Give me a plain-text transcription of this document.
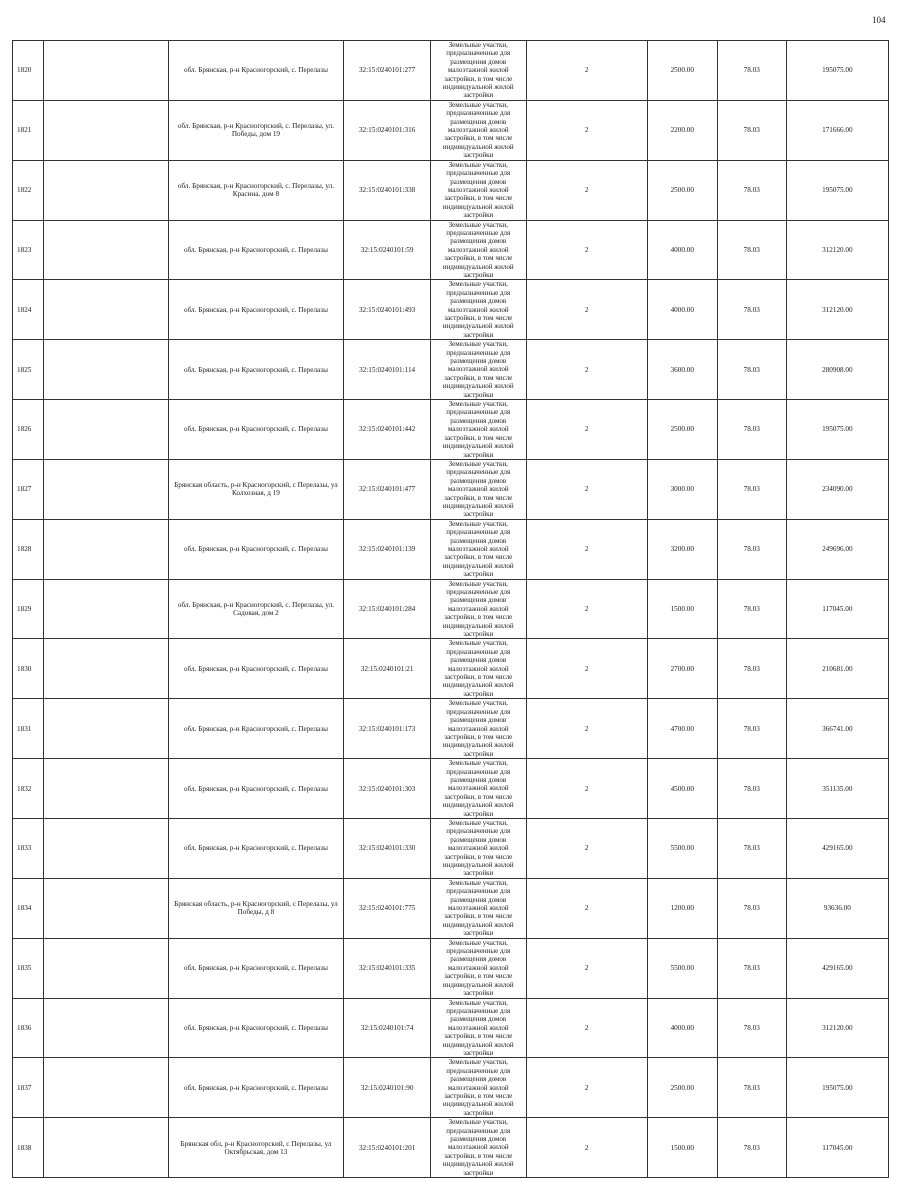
104
1820		обл. Брянская, р-н Красногорский, с. Перелазы	32:15:0240101:277	Земельные участки, предназначенные для размещения домов малоэтажной жилой застройки, в том числе индивидуальной жилой застройки	2	2500.00	78.03	195075.00
1821		обл. Брянская, р-н Красногорский, с. Перелазы, ул. Победы, дом 19	32:15:0240101:316	Земельные участки, предназначенные для размещения домов малоэтажной жилой застройки, в том числе индивидуальной жилой застройки	2	2200.00	78.03	171666.00
1822		обл. Брянская, р-н Красногорский, с. Перелазы, ул. Красина, дом 8	32:15:0240101:338	Земельные участки, предназначенные для размещения домов малоэтажной жилой застройки, в том числе индивидуальной жилой застройки	2	2500.00	78.03	195075.00
1823		обл. Брянская, р-н Красногорский, с. Перелазы	32:15:0240101:59	Земельные участки, предназначенные для размещения домов малоэтажной жилой застройки, в том числе индивидуальной жилой застройки	2	4000.00	78.03	312120.00
1824		обл. Брянская, р-н Красногорский, с. Перелазы	32:15:0240101:493	Земельные участки, предназначенные для размещения домов малоэтажной жилой застройки, в том числе индивидуальной жилой застройки	2	4000.00	78.03	312120.00
1825		обл. Брянская, р-н Красногорский, с. Перелазы	32:15:0240101:114	Земельные участки, предназначенные для размещения домов малоэтажной жилой застройки, в том числе индивидуальной жилой застройки	2	3600.00	78.03	280908.00
1826		обл. Брянская, р-н Красногорский, с. Перелазы	32:15:0240101:442	Земельные участки, предназначенные для размещения домов малоэтажной жилой застройки, в том числе индивидуальной жилой застройки	2	2500.00	78.03	195075.00
1827		Брянская область, р-н Красногорский, с Перелазы, ул Колхозная, д 19	32:15:0240101:477	Земельные участки, предназначенные для размещения домов малоэтажной жилой застройки, в том числе индивидуальной жилой застройки	2	3000.00	78.03	234090.00
1828		обл. Брянская, р-н Красногорский, с. Перелазы	32:15:0240101:139	Земельные участки, предназначенные для размещения домов малоэтажной жилой застройки, в том числе индивидуальной жилой застройки	2	3200.00	78.03	249696.00
1829		обл. Брянская, р-н Красногорский, с. Перелазы, ул. Садовая, дом 2	32:15:0240101:284	Земельные участки, предназначенные для размещения домов малоэтажной жилой застройки, в том числе индивидуальной жилой застройки	2	1500.00	78.03	117045.00
1830		обл. Брянская, р-н Красногорский, с. Перелазы	32:15:0240101:21	Земельные участки, предназначенные для размещения домов малоэтажной жилой застройки, в том числе индивидуальной жилой застройки	2	2700.00	78.03	210681.00
1831		обл. Брянская, р-н Красногорский, с. Перелазы	32:15:0240101:173	Земельные участки, предназначенные для размещения домов малоэтажной жилой застройки, в том числе индивидуальной жилой застройки	2	4700.00	78.03	366741.00
1832		обл. Брянская, р-н Красногорский, с. Перелазы	32:15:0240101:303	Земельные участки, предназначенные для размещения домов малоэтажной жилой застройки, в том числе индивидуальной жилой застройки	2	4500.00	78.03	351135.00
1833		обл. Брянская, р-н Красногорский, с. Перелазы	32:15:0240101:330	Земельные участки, предназначенные для размещения домов малоэтажной жилой застройки, в том числе индивидуальной жилой застройки	2	5500.00	78.03	429165.00
1834		Брянская область, р-н Красногорский, с Перелазы, ул Победы, д 8	32:15:0240101:775	Земельные участки, предназначенные для размещения домов малоэтажной жилой застройки, в том числе индивидуальной жилой застройки	2	1200.00	78.03	93636.00
1835		обл. Брянская, р-н Красногорский, с. Перелазы	32:15:0240101:335	Земельные участки, предназначенные для размещения домов малоэтажной жилой застройки, в том числе индивидуальной жилой застройки	2	5500.00	78.03	429165.00
1836		обл. Брянская, р-н Красногорский, с. Перелазы	32:15:0240101:74	Земельные участки, предназначенные для размещения домов малоэтажной жилой застройки, в том числе индивидуальной жилой застройки	2	4000.00	78.03	312120.00
1837		обл. Брянская, р-н Красногорский, с. Перелазы	32:15:0240101:90	Земельные участки, предназначенные для размещения домов малоэтажной жилой застройки, в том числе индивидуальной жилой застройки	2	2500.00	78.03	195075.00
1838		Брянская обл, р-н Красногорский, с Перелазы, ул Октябрьская, дом 13	32:15:0240101:201	Земельные участки, предназначенные для размещения домов малоэтажной жилой застройки, в том числе индивидуальной жилой застройки	2	1500.00	78.03	117045.00
